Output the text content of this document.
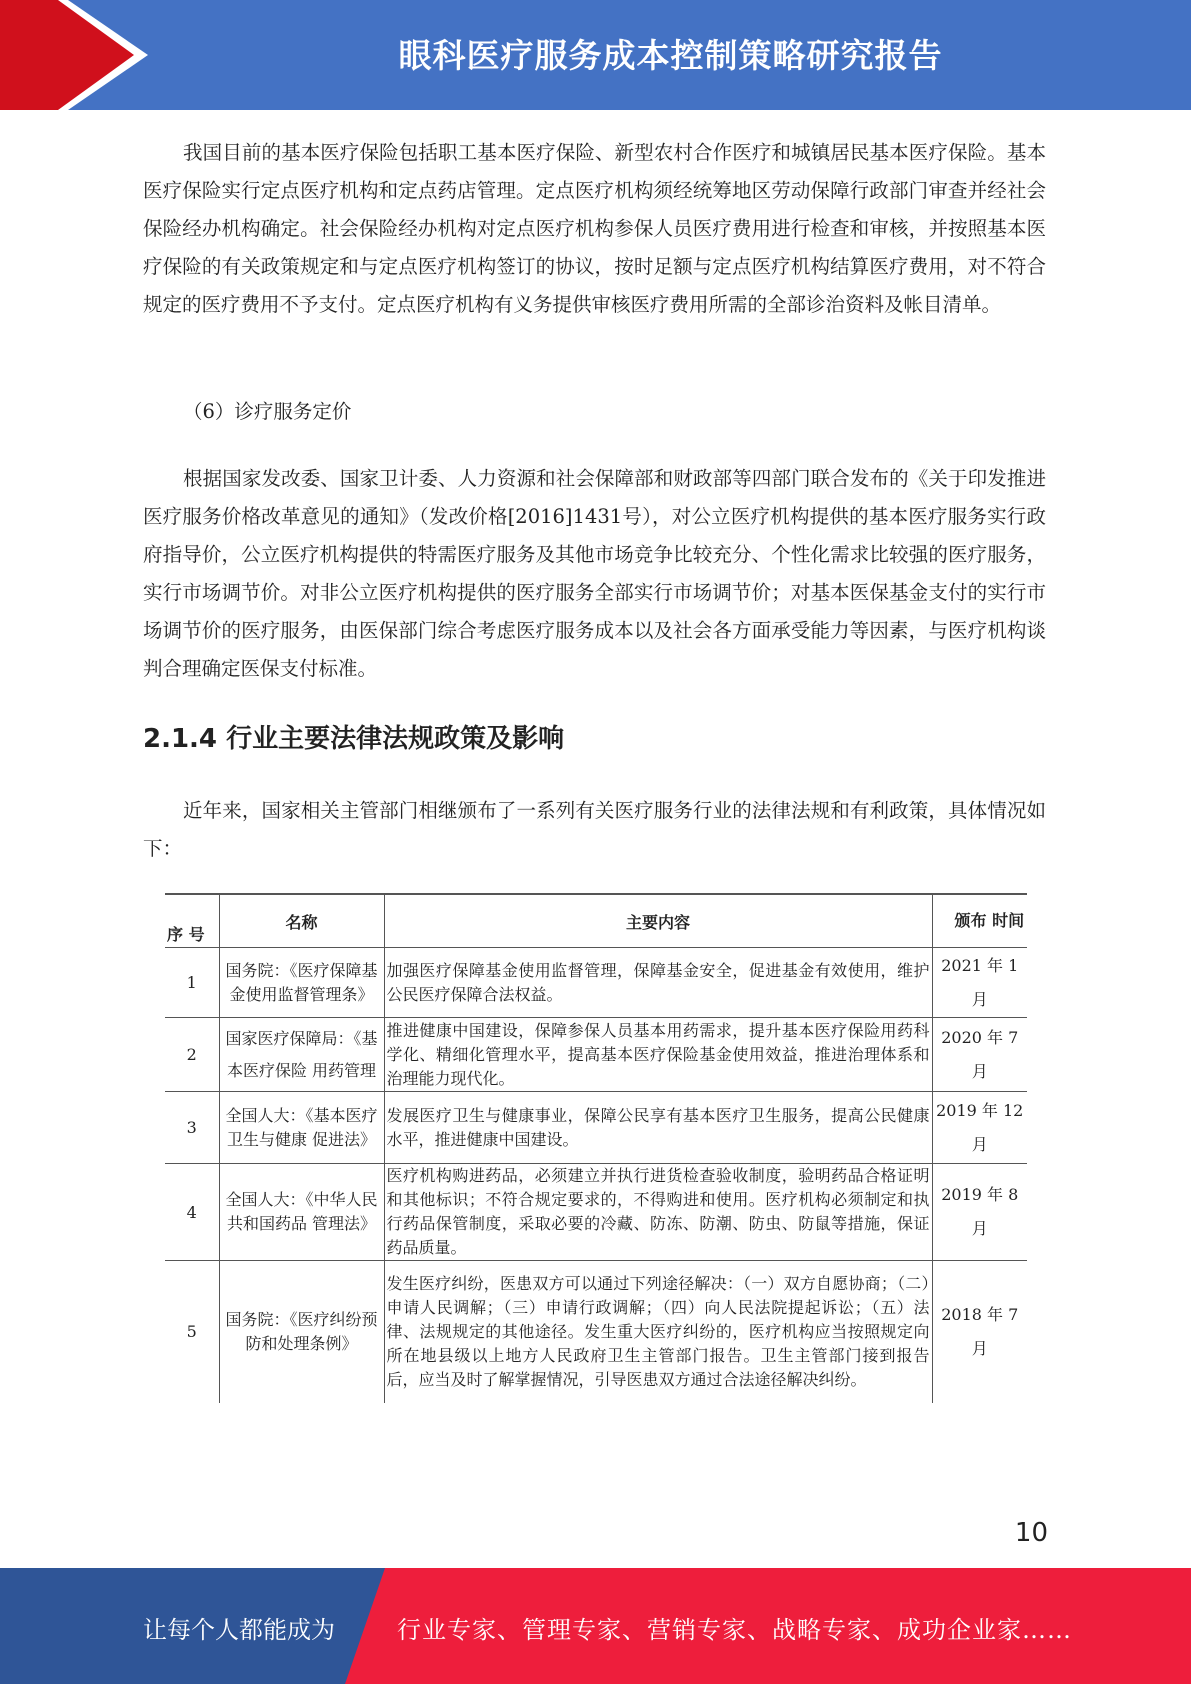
眼科医疗服务成本控制策略研究报告

我国目前的基本医疗保险包括职工基本医疗保险、新型农村合作医疗和城镇居民基本医疗保险。基本医疗保险实行定点医疗机构和定点药店管理。定点医疗机构须经统筹地区劳动保障行政部门审查并经社会保险经办机构确定。社会保险经办机构对定点医疗机构参保人员医疗费用进行检查和审核，并按照基本医疗保险的有关政策规定和与定点医疗机构签订的协议，按时足额与定点医疗机构结算医疗费用，对不符合规定的医疗费用不予支付。定点医疗机构有义务提供审核医疗费用所需的全部诊治资料及帐目清单。

（6）诊疗服务定价

根据国家发改委、国家卫计委、人力资源和社会保障部和财政部等四部门联合发布的《关于印发推进医疗服务价格改革意见的通知》（发改价格[2016]1431号），对公立医疗机构提供的基本医疗服务实行政府指导价，公立医疗机构提供的特需医疗服务及其他市场竞争比较充分、个性化需求比较强的医疗服务，实行市场调节价。对非公立医疗机构提供的医疗服务全部实行市场调节价；对基本医保基金支付的实行市场调节价的医疗服务，由医保部门综合考虑医疗服务成本以及社会各方面承受能力等因素，与医疗机构谈判合理确定医保支付标准。

2.1.4 行业主要法律法规政策及影响

近年来，国家相关主管部门相继颁布了一系列有关医疗服务行业的法律法规和有利政策，具体情况如下：

序 号	名称	主要内容	颁布 时间
1	国务院：《医疗保障基金使用监督管理条》	加强医疗保障基金使用监督管理，保障基金安全，促进基金有效使用，维护公民医疗保障合法权益。	2021 年 1 月
2	国家医疗保障局：《基本医疗保险 用药管理	推进健康中国建设，保障参保人员基本用药需求，提升基本医疗保险用药科学化、精细化管理水平，提高基本医疗保险基金使用效益，推进治理体系和治理能力现代化。	2020 年 7 月
3	全国人大：《基本医疗卫生与健康 促进法》	发展医疗卫生与健康事业，保障公民享有基本医疗卫生服务，提高公民健康水平，推进健康中国建设。	2019 年 12 月
4	全国人大：《中华人民共和国药品 管理法》	医疗机构购进药品，必须建立并执行进货检查验收制度，验明药品合格证明和其他标识；不符合规定要求的，不得购进和使用。医疗机构必须制定和执行药品保管制度，采取必要的冷藏、防冻、防潮、防虫、防鼠等措施，保证药品质量。	2019 年 8 月
5	国务院：《医疗纠纷预防和处理条例》	发生医疗纠纷，医患双方可以通过下列途径解决：（一）双方自愿协商；（二）申请人民调解；（三）申请行政调解；（四）向人民法院提起诉讼；（五）法律、法规规定的其他途径。发生重大医疗纠纷的，医疗机构应当按照规定向所在地县级以上地方人民政府卫生主管部门报告。卫生主管部门接到报告后，应当及时了解掌握情况，引导医患双方通过合法途径解决纠纷。	2018 年 7 月
10
让每个人都能成为	行业专家、管理专家、营销专家、战略专家、成功企业家……
